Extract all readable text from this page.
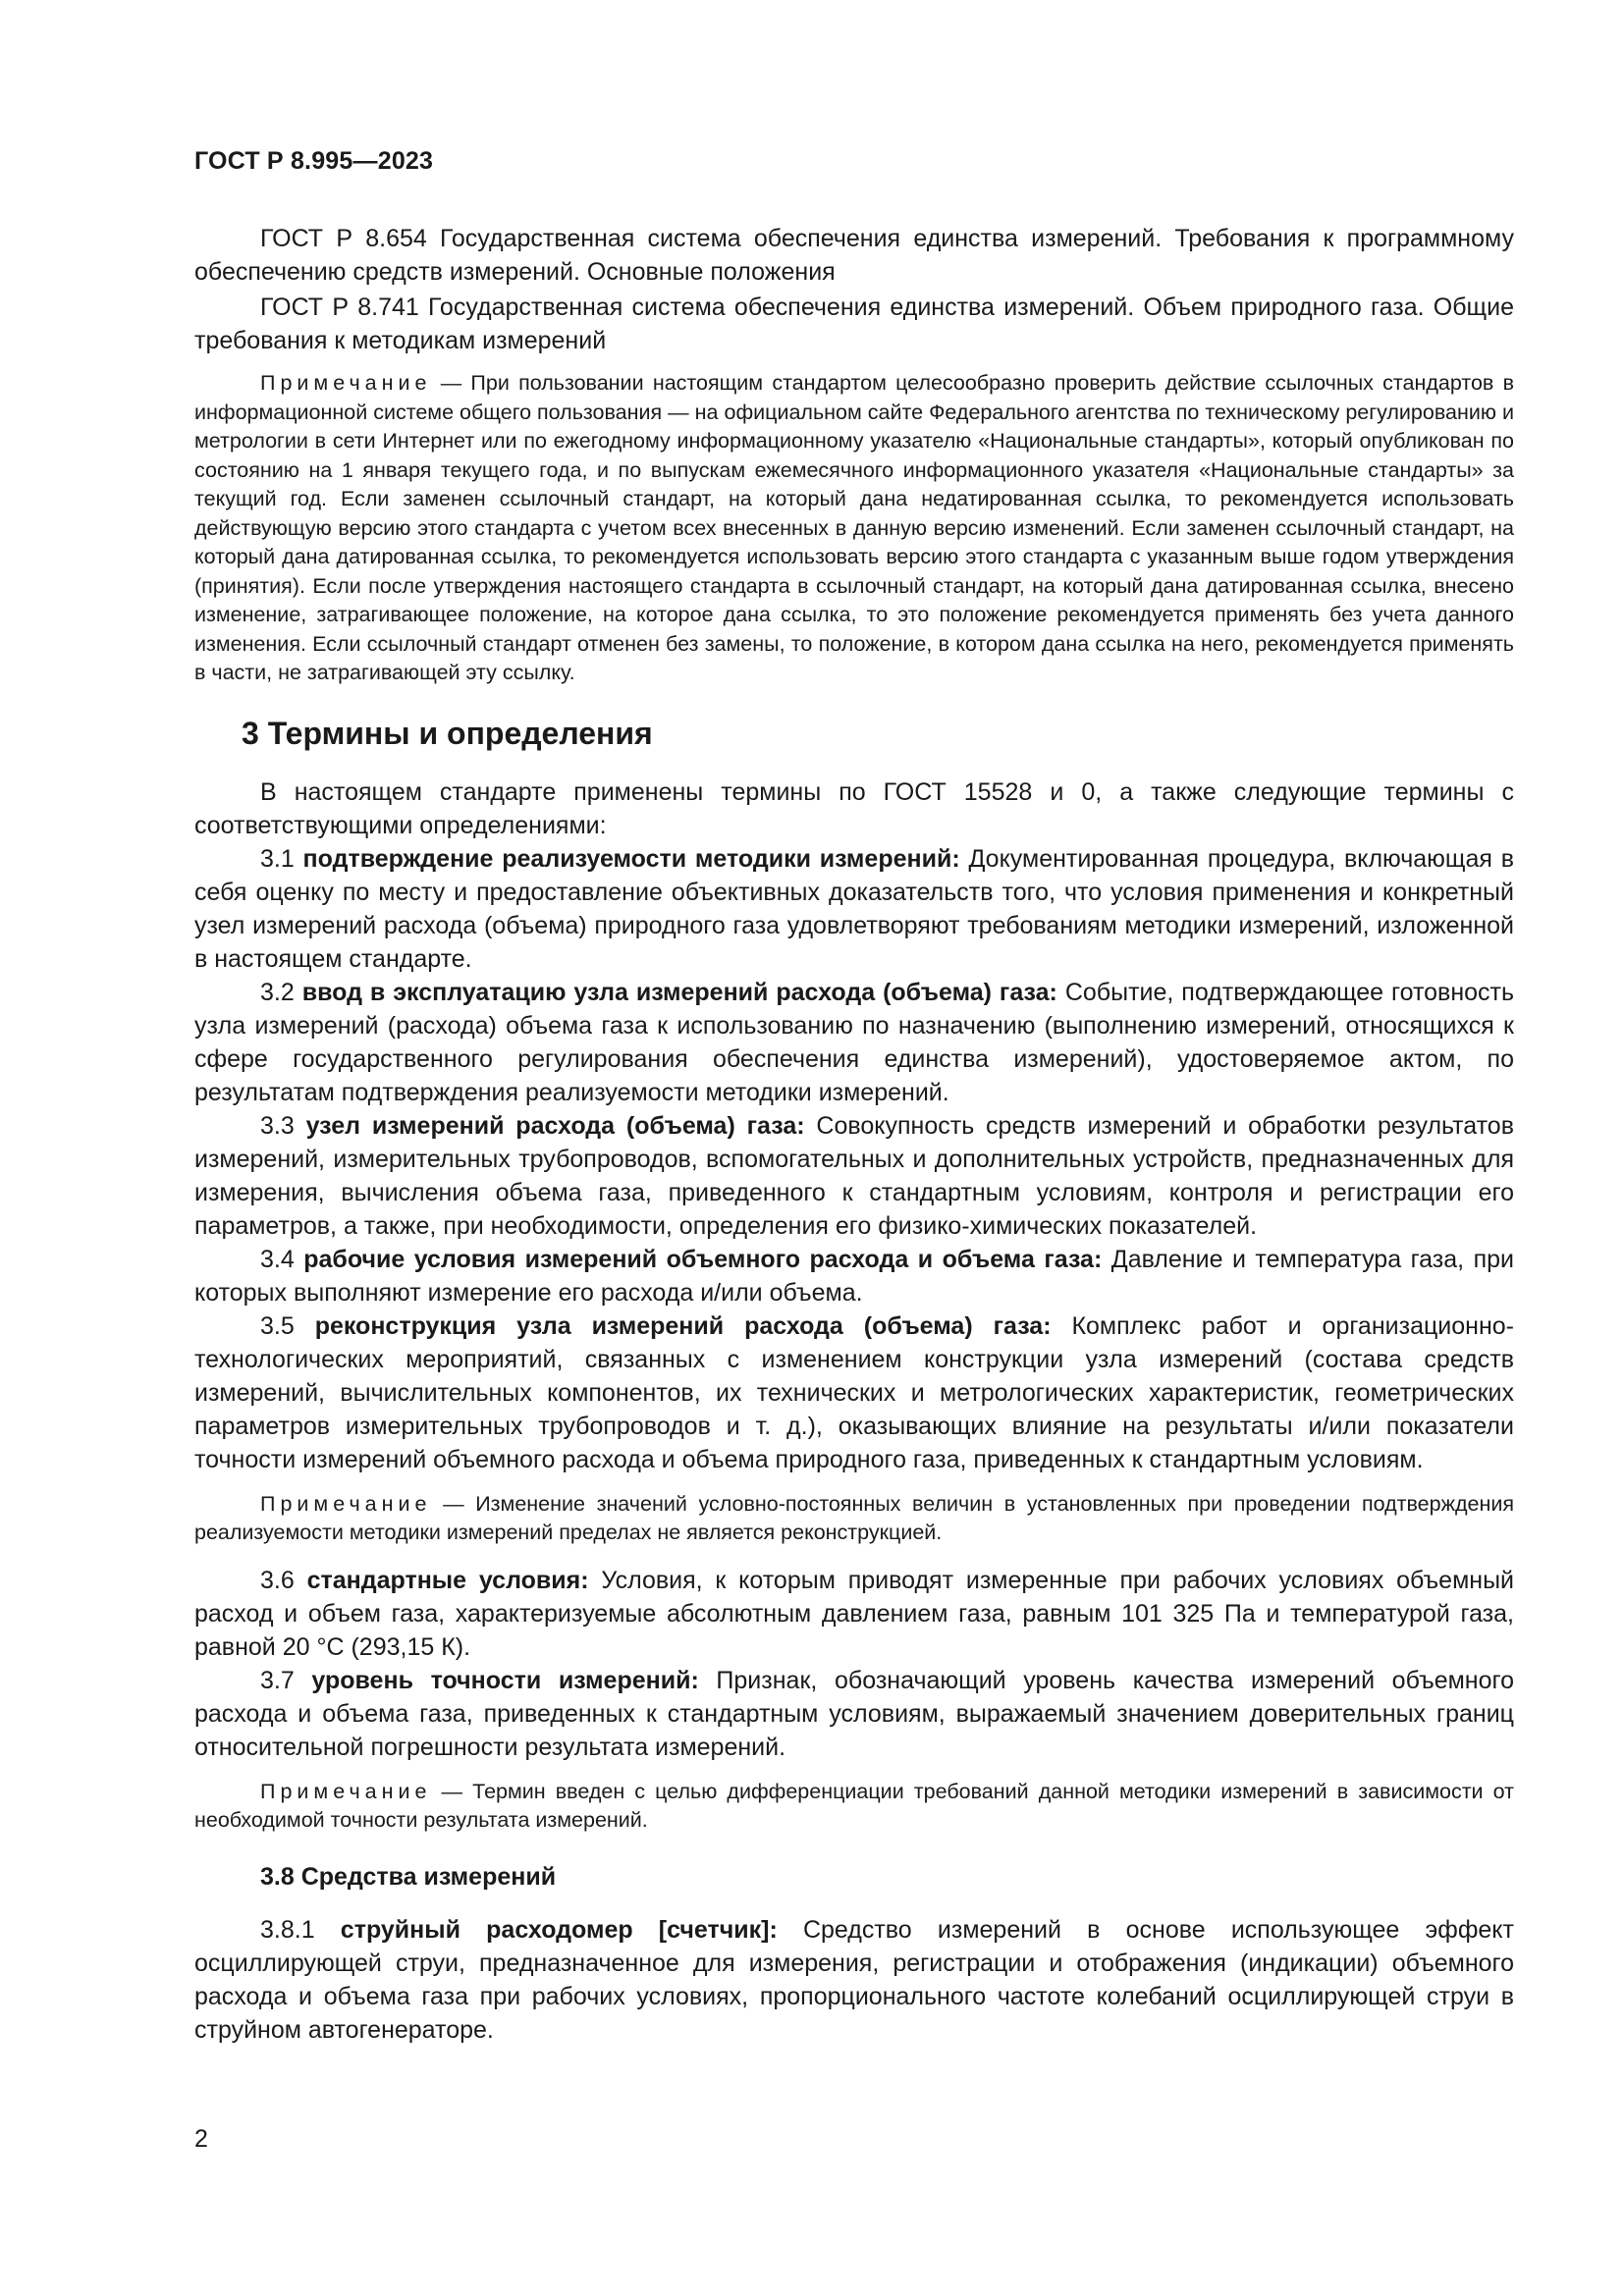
ГОСТ Р 8.995—2023

ГОСТ Р 8.654 Государственная система обеспечения единства измерений. Требования к программному обеспечению средств измерений. Основные положения

ГОСТ Р 8.741 Государственная система обеспечения единства измерений. Объем природного газа. Общие требования к методикам измерений

Примечание — При пользовании настоящим стандартом целесообразно проверить действие ссылочных стандартов в информационной системе общего пользования — на официальном сайте Федерального агентства по техническому регулированию и метрологии в сети Интернет или по ежегодному информационному указателю «Национальные стандарты», который опубликован по состоянию на 1 января текущего года, и по выпускам ежемесячного информационного указателя «Национальные стандарты» за текущий год. Если заменен ссылочный стандарт, на который дана недатированная ссылка, то рекомендуется использовать действующую версию этого стандарта с учетом всех внесенных в данную версию изменений. Если заменен ссылочный стандарт, на который дана датированная ссылка, то рекомендуется использовать версию этого стандарта с указанным выше годом утверждения (принятия). Если после утверждения настоящего стандарта в ссылочный стандарт, на который дана датированная ссылка, внесено изменение, затрагивающее положение, на которое дана ссылка, то это положение рекомендуется применять без учета данного изменения. Если ссылочный стандарт отменен без замены, то положение, в котором дана ссылка на него, рекомендуется применять в части, не затрагивающей эту ссылку.

3 Термины и определения

В настоящем стандарте применены термины по ГОСТ 15528 и 0, а также следующие термины с соответствующими определениями:

3.1 подтверждение реализуемости методики измерений: Документированная процедура, включающая в себя оценку по месту и предоставление объективных доказательств того, что условия применения и конкретный узел измерений расхода (объема) природного газа удовлетворяют требованиям методики измерений, изложенной в настоящем стандарте.

3.2 ввод в эксплуатацию узла измерений расхода (объема) газа: Событие, подтверждающее готовность узла измерений (расхода) объема газа к использованию по назначению (выполнению измерений, относящихся к сфере государственного регулирования обеспечения единства измерений), удостоверяемое актом, по результатам подтверждения реализуемости методики измерений.

3.3 узел измерений расхода (объема) газа: Совокупность средств измерений и обработки результатов измерений, измерительных трубопроводов, вспомогательных и дополнительных устройств, предназначенных для измерения, вычисления объема газа, приведенного к стандартным условиям, контроля и регистрации его параметров, а также, при необходимости, определения его физико-химических показателей.

3.4 рабочие условия измерений объемного расхода и объема газа: Давление и температура газа, при которых выполняют измерение его расхода и/или объема.

3.5 реконструкция узла измерений расхода (объема) газа: Комплекс работ и организационно-технологических мероприятий, связанных с изменением конструкции узла измерений (состава средств измерений, вычислительных компонентов, их технических и метрологических характеристик, геометрических параметров измерительных трубопроводов и т. д.), оказывающих влияние на результаты и/или показатели точности измерений объемного расхода и объема природного газа, приведенных к стандартным условиям.

Примечание — Изменение значений условно-постоянных величин в установленных при проведении подтверждения реализуемости методики измерений пределах не является реконструкцией.

3.6 стандартные условия: Условия, к которым приводят измеренные при рабочих условиях объемный расход и объем газа, характеризуемые абсолютным давлением газа, равным 101 325 Па и температурой газа, равной 20 °C (293,15 К).

3.7 уровень точности измерений: Признак, обозначающий уровень качества измерений объемного расхода и объема газа, приведенных к стандартным условиям, выражаемый значением доверительных границ относительной погрешности результата измерений.

Примечание — Термин введен с целью дифференциации требований данной методики измерений в зависимости от необходимой точности результата измерений.

3.8 Средства измерений

3.8.1 струйный расходомер [счетчик]: Средство измерений в основе использующее эффект осциллирующей струи, предназначенное для измерения, регистрации и отображения (индикации) объемного расхода и объема газа при рабочих условиях, пропорционального частоте колебаний осциллирующей струи в струйном автогенераторе.

2
